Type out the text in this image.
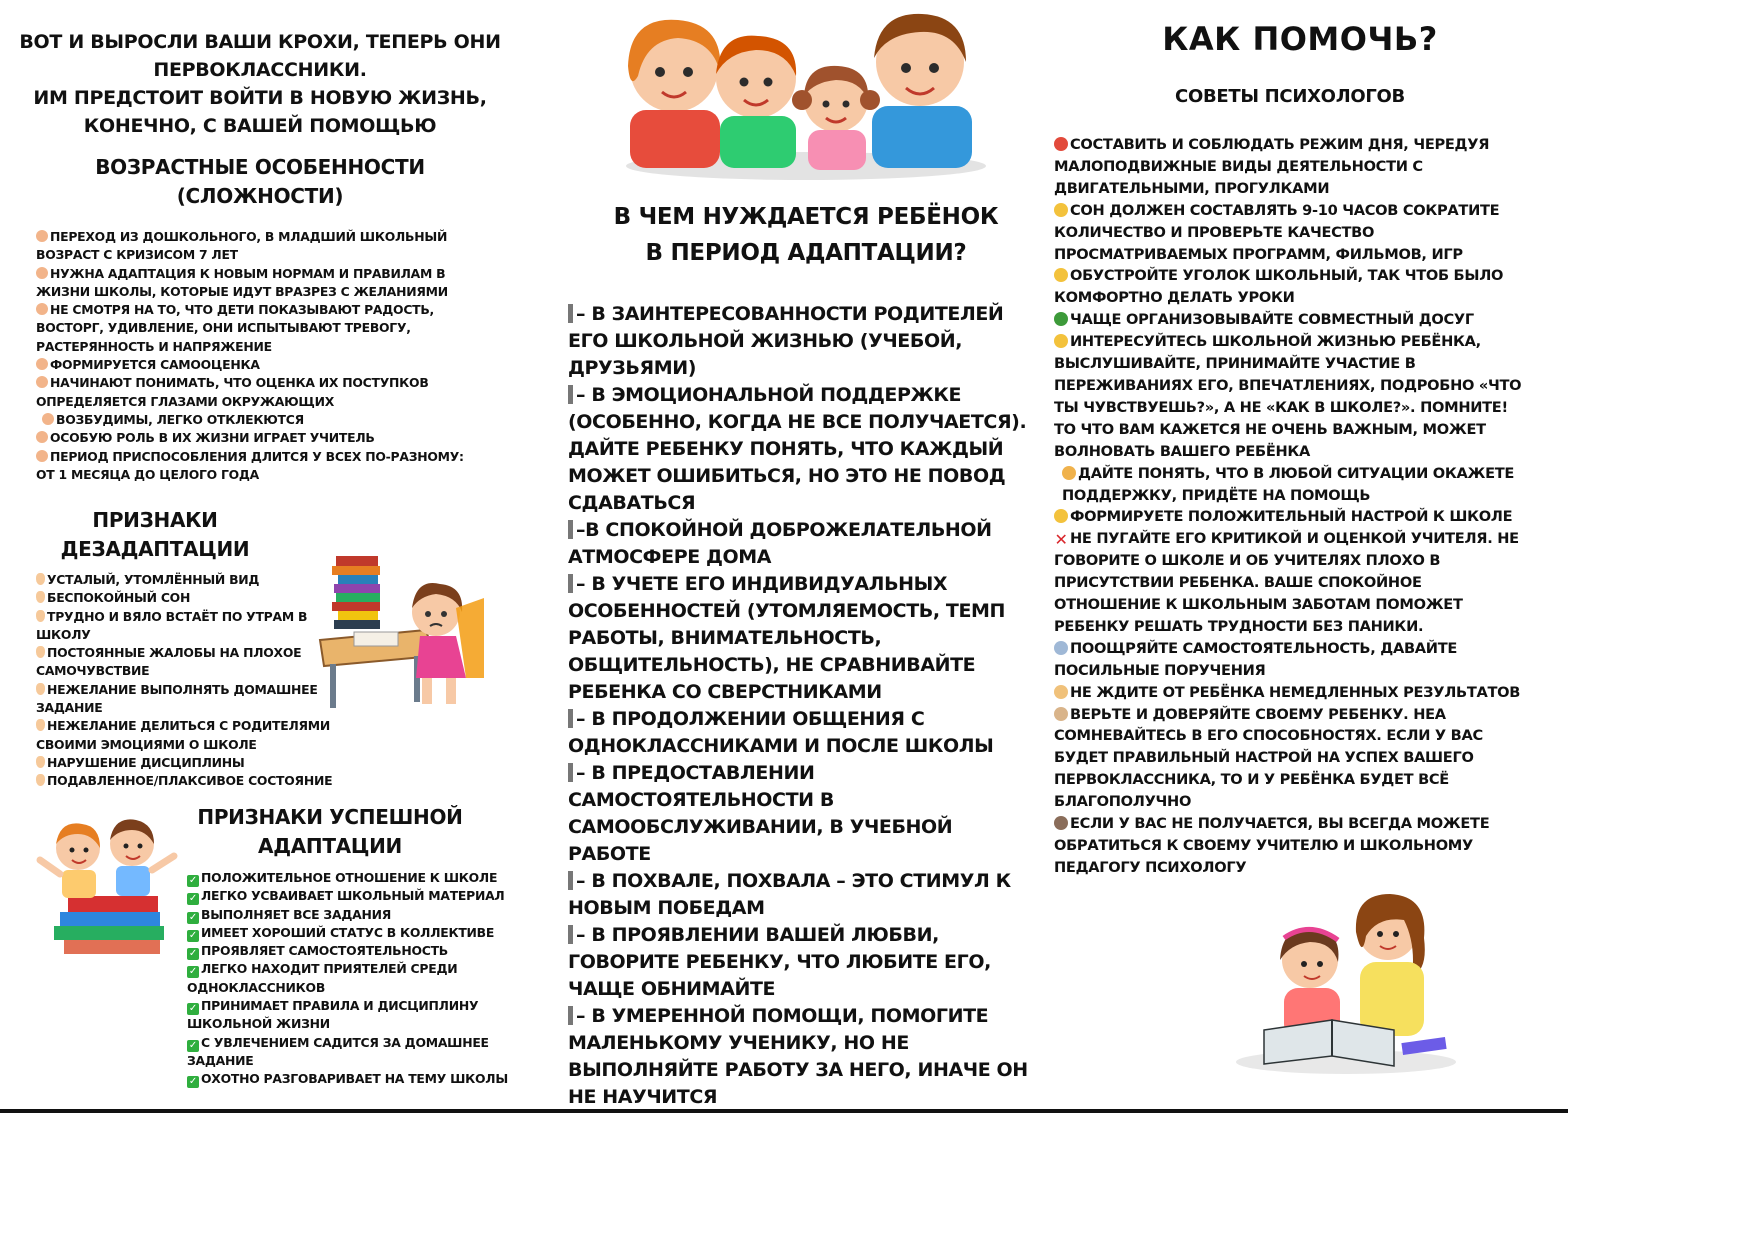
ВОТ И ВЫРОСЛИ ВАШИ КРОХИ, ТЕПЕРЬ ОНИ
ПЕРВОКЛАССНИКИ.
ИМ ПРЕДСТОИТ ВОЙТИ В НОВУЮ ЖИЗНЬ,
КОНЕЧНО, С ВАШЕЙ ПОМОЩЬЮ
ВОЗРАСТНЫЕ ОСОБЕННОСТИ
(СЛОЖНОСТИ)
ПЕРЕХОД ИЗ ДОШКОЛЬНОГО, В МЛАДШИЙ ШКОЛЬНЫЙ ВОЗРАСТ С КРИЗИСОМ 7 ЛЕТ
НУЖНА АДАПТАЦИЯ К НОВЫМ НОРМАМ И ПРАВИЛАМ В ЖИЗНИ ШКОЛЫ, КОТОРЫЕ ИДУТ ВРАЗРЕЗ С ЖЕЛАНИЯМИ
НЕ СМОТРЯ НА ТО, ЧТО ДЕТИ ПОКАЗЫВАЮТ РАДОСТЬ, ВОСТОРГ, УДИВЛЕНИЕ, ОНИ ИСПЫТЫВАЮТ ТРЕВОГУ, РАСТЕРЯННОСТЬ И НАПРЯЖЕНИЕ
ФОРМИРУЕТСЯ САМООЦЕНКА
НАЧИНАЮТ ПОНИМАТЬ, ЧТО ОЦЕНКА ИХ ПОСТУПКОВ ОПРЕДЕЛЯЕТСЯ ГЛАЗАМИ ОКРУЖАЮЩИХ
ВОЗБУДИМЫ, ЛЕГКО ОТКЛЕКЮТСЯ
ОСОБУЮ РОЛЬ В ИХ ЖИЗНИ ИГРАЕТ УЧИТЕЛЬ
ПЕРИОД ПРИСПОСОБЛЕНИЯ ДЛИТСЯ У ВСЕХ ПО-РАЗНОМУ: ОТ 1 МЕСЯЦА ДО ЦЕЛОГО ГОДА
ПРИЗНАКИ
ДЕЗАДАПТАЦИИ
УСТАЛЫЙ, УТОМЛЁННЫЙ ВИД
БЕСПОКОЙНЫЙ СОН
ТРУДНО И ВЯЛО ВСТАЁТ ПО УТРАМ В ШКОЛУ
ПОСТОЯННЫЕ ЖАЛОБЫ НА ПЛОХОЕ САМОЧУВСТВИЕ
НЕЖЕЛАНИЕ ВЫПОЛНЯТЬ ДОМАШНЕЕ ЗАДАНИЕ
НЕЖЕЛАНИЕ ДЕЛИТЬСЯ С РОДИТЕЛЯМИ СВОИМИ ЭМОЦИЯМИ О ШКОЛЕ
НАРУШЕНИЕ ДИСЦИПЛИНЫ
ПОДАВЛЕННОЕ/ПЛАКСИВОЕ СОСТОЯНИЕ
ПРИЗНАКИ УСПЕШНОЙ
АДАПТАЦИИ
✓ ПОЛОЖИТЕЛЬНОЕ ОТНОШЕНИЕ К ШКОЛЕ
✓ ЛЕГКО УСВАИВАЕТ ШКОЛЬНЫЙ МАТЕРИАЛ
✓ ВЫПОЛНЯЕТ ВСЕ ЗАДАНИЯ
✓ ИМЕЕТ ХОРОШИЙ СТАТУС В КОЛЛЕКТИВЕ
✓ ПРОЯВЛЯЕТ САМОСТОЯТЕЛЬНОСТЬ
✓ ЛЕГКО НАХОДИТ ПРИЯТЕЛЕЙ СРЕДИ ОДНОКЛАССНИКОВ
✓ ПРИНИМАЕТ ПРАВИЛА И ДИСЦИПЛИНУ ШКОЛЬНОЙ ЖИЗНИ
✓ С УВЛЕЧЕНИЕМ САДИТСЯ ЗА ДОМАШНЕЕ ЗАДАНИЕ
✓ ОХОТНО РАЗГОВАРИВАЕТ НА ТЕМУ ШКОЛЫ
В ЧЕМ НУЖДАЕТСЯ РЕБЁНОК
В ПЕРИОД АДАПТАЦИИ?
– В ЗАИНТЕРЕСОВАННОСТИ РОДИТЕЛЕЙ ЕГО ШКОЛЬНОЙ ЖИЗНЬЮ (УЧЕБОЙ, ДРУЗЬЯМИ)
– В ЭМОЦИОНАЛЬНОЙ ПОДДЕРЖКЕ (ОСОБЕННО, КОГДА НЕ ВСЕ ПОЛУЧАЕТСЯ). ДАЙТЕ РЕБЕНКУ ПОНЯТЬ, ЧТО КАЖДЫЙ МОЖЕТ ОШИБИТЬСЯ, НО ЭТО НЕ ПОВОД СДАВАТЬСЯ
–В СПОКОЙНОЙ ДОБРОЖЕЛАТЕЛЬНОЙ АТМОСФЕРЕ ДОМА
– В УЧЕТЕ ЕГО ИНДИВИДУАЛЬНЫХ ОСОБЕННОСТЕЙ (УТОМЛЯЕМОСТЬ, ТЕМП РАБОТЫ, ВНИМАТЕЛЬНОСТЬ, ОБЩИТЕЛЬНОСТЬ), НЕ СРАВНИВАЙТЕ РЕБЕНКА СО СВЕРСТНИКАМИ
– В ПРОДОЛЖЕНИИ ОБЩЕНИЯ С ОДНОКЛАССНИКАМИ И ПОСЛЕ ШКОЛЫ
– В ПРЕДОСТАВЛЕНИИ САМОСТОЯТЕЛЬНОСТИ В САМООБСЛУЖИВАНИИ, В УЧЕБНОЙ РАБОТЕ
– В ПОХВАЛЕ, ПОХВАЛА – ЭТО СТИМУЛ К НОВЫМ ПОБЕДАМ
– В ПРОЯВЛЕНИИ ВАШЕЙ ЛЮБВИ, ГОВОРИТЕ РЕБЕНКУ, ЧТО ЛЮБИТЕ ЕГО, ЧАЩЕ ОБНИМАЙТЕ
– В УМЕРЕННОЙ ПОМОЩИ, ПОМОГИТЕ МАЛЕНЬКОМУ УЧЕНИКУ, НО НЕ ВЫПОЛНЯЙТЕ РАБОТУ ЗА НЕГО, ИНАЧЕ ОН НЕ НАУЧИТСЯ
КАК ПОМОЧЬ?
СОВЕТЫ ПСИХОЛОГОВ
СОСТАВИТЬ И СОБЛЮДАТЬ РЕЖИМ ДНЯ, ЧЕРЕДУЯ МАЛОПОДВИЖНЫЕ ВИДЫ ДЕЯТЕЛЬНОСТИ С ДВИГАТЕЛЬНЫМИ, ПРОГУЛКАМИ
СОН ДОЛЖЕН СОСТАВЛЯТЬ 9-10 ЧАСОВ СОКРАТИТЕ КОЛИЧЕСТВО И ПРОВЕРЬТЕ КАЧЕСТВО ПРОСМАТРИВАЕМЫХ ПРОГРАММ, ФИЛЬМОВ, ИГР
ОБУСТРОЙТЕ УГОЛОК ШКОЛЬНЫЙ, ТАК ЧТОБ БЫЛО КОМФОРТНО ДЕЛАТЬ УРОКИ
ЧАЩЕ ОРГАНИЗОВЫВАЙТЕ СОВМЕСТНЫЙ ДОСУГ
ИНТЕРЕСУЙТЕСЬ ШКОЛЬНОЙ ЖИЗНЬЮ РЕБЁНКА, ВЫСЛУШИВАЙТЕ, ПРИНИМАЙТЕ УЧАСТИЕ В ПЕРЕЖИВАНИЯХ ЕГО, ВПЕЧАТЛЕНИЯХ, ПОДРОБНО «ЧТО ТЫ ЧУВСТВУЕШЬ?», А НЕ «КАК В ШКОЛЕ?». ПОМНИТЕ! ТО ЧТО ВАМ КАЖЕТСЯ НЕ ОЧЕНЬ ВАЖНЫМ, МОЖЕТ ВОЛНОВАТЬ ВАШЕГО РЕБЁНКА
ДАЙТЕ ПОНЯТЬ, ЧТО В ЛЮБОЙ СИТУАЦИИ ОКАЖЕТЕ ПОДДЕРЖКУ, ПРИДЁТЕ НА ПОМОЩЬ
ФОРМИРУЕТЕ ПОЛОЖИТЕЛЬНЫЙ НАСТРОЙ К ШКОЛЕ
✕ НЕ ПУГАЙТЕ ЕГО КРИТИКОЙ И ОЦЕНКОЙ УЧИТЕЛЯ. НЕ ГОВОРИТЕ О ШКОЛЕ И ОБ УЧИТЕЛЯХ ПЛОХО В ПРИСУТСТВИИ РЕБЕНКА. ВАШЕ СПОКОЙНОЕ ОТНОШЕНИЕ К ШКОЛЬНЫМ ЗАБОТАМ ПОМОЖЕТ РЕБЕНКУ РЕШАТЬ ТРУДНОСТИ БЕЗ ПАНИКИ.
ПООЩРЯЙТЕ САМОСТОЯТЕЛЬНОСТЬ, ДАВАЙТЕ ПОСИЛЬНЫЕ ПОРУЧЕНИЯ
НЕ ЖДИТЕ ОТ РЕБЁНКА НЕМЕДЛЕННЫХ РЕЗУЛЬТАТОВ
ВЕРЬТЕ И ДОВЕРЯЙТЕ СВОЕМУ РЕБЕНКУ. НЕА СОМНЕВАЙТЕСЬ В ЕГО СПОСОБНОСТЯХ. ЕСЛИ У ВАС БУДЕТ ПРАВИЛЬНЫЙ НАСТРОЙ НА УСПЕХ ВАШЕГО ПЕРВОКЛАССНИКА, ТО И У РЕБЁНКА БУДЕТ ВСЁ БЛАГОПОЛУЧНО
ЕСЛИ У ВАС НЕ ПОЛУЧАЕТСЯ, ВЫ ВСЕГДА МОЖЕТЕ ОБРАТИТЬСЯ К СВОЕМУ УЧИТЕЛЮ И ШКОЛЬНОМУ ПЕДАГОГУ ПСИХОЛОГУ
